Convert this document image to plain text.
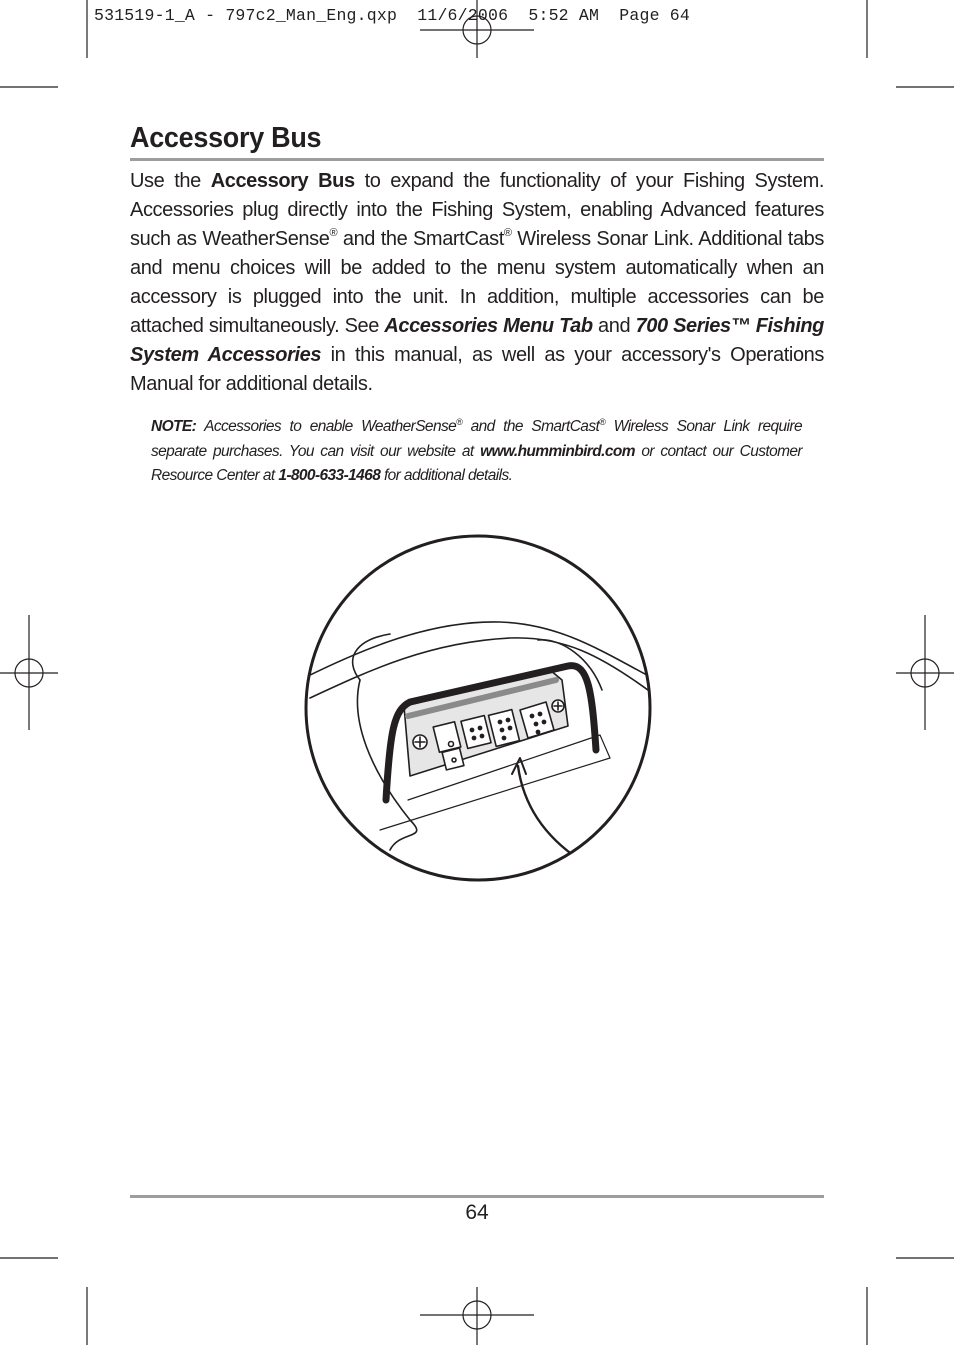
531519-1_A - 797c2_Man_Eng.qxp  11/6/2006  5:52 AM  Page 64
Accessory Bus

Use the Accessory Bus to expand the functionality of your Fishing System. Accessories plug directly into the Fishing System, enabling Advanced features such as WeatherSense® and the SmartCast® Wireless Sonar Link. Additional tabs and menu choices will be added to the menu system automatically when an accessory is plugged into the unit. In addition, multiple accessories can be attached simultaneously. See Accessories Menu Tab and 700 Series™ Fishing System Accessories in this manual, as well as your accessory's Operations Manual for additional details.

NOTE: Accessories to enable WeatherSense® and the SmartCast® Wireless Sonar Link require separate purchases. You can visit our website at www.humminbird.com or contact our Customer Resource Center at 1-800-633-1468 for additional details.

64
